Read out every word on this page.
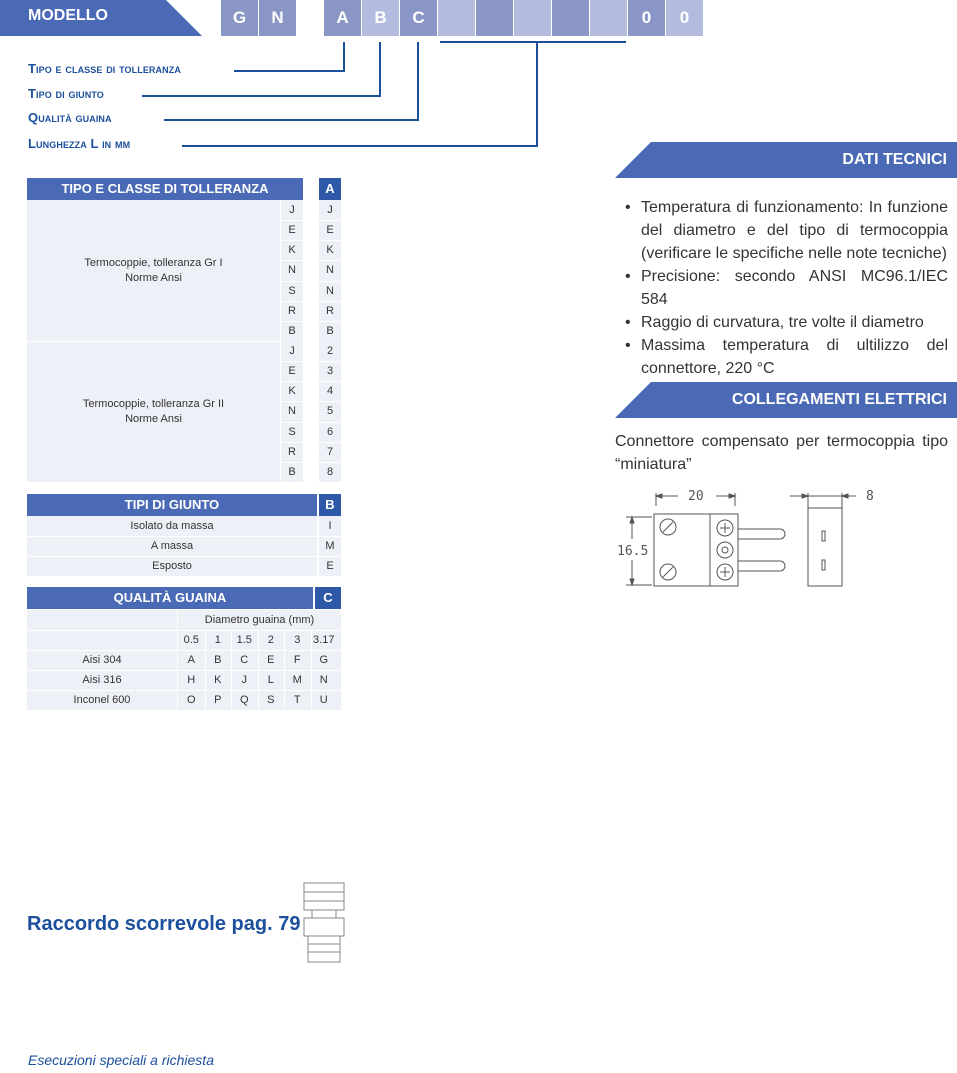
MODELLO	G	N	A	B	C	0	0
Tipo e classe di tolleranza
Tipo di giunto
Qualità guaina
Lunghezza L in mm
TIPO E CLASSE DI TOLLERANZA	A
Termocoppie, tolleranza Gr I
Norme Ansi
Termocoppie, tolleranza Gr II
Norme Ansi
J	J
E	E
K	K
N	N
S	N
R	R
B	B
J	2
E	3
K	4
N	5
S	6
R	7
B	8
TIPI DI GIUNTO	B
Isolato da massa	I
A massa	M
Esposto	E
QUALITÀ GUAINA	C
Diametro guaina (mm)
0.5	1	1.5	2	3	3.17
Aisi 304	A	B	C	E	F	G
Aisi 316	H	K	J	L	M	N
Inconel 600	O	P	Q	S	T	U
DATI TECNICI
• Temperatura di funzionamento: In funzione del diametro e del tipo di termocoppia (verificare le specifiche nelle note tecniche)
• Precisione: secondo ANSI MC96.1/IEC 584
• Raggio di curvatura, tre volte il diametro
• Massima temperatura di ultilizzo del connettore, 220 °C
COLLEGAMENTI ELETTRICI
Connettore compensato per termocoppia tipo “miniatura”
20
16.5
8
Raccordo scorrevole pag. 79
Esecuzioni speciali a richiesta
